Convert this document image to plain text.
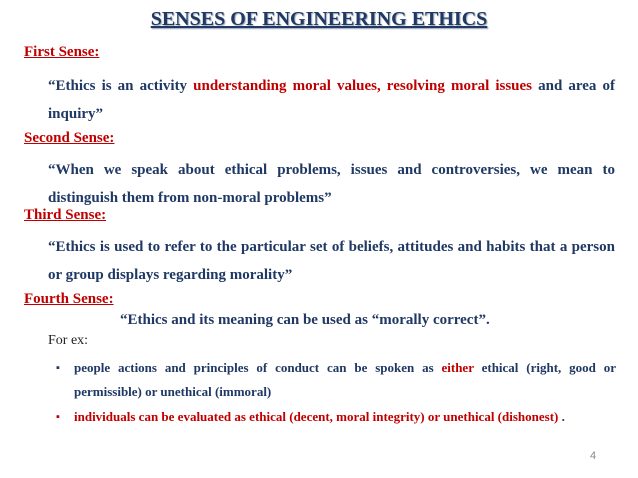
SENSES OF ENGINEERING ETHICS
First Sense:
“Ethics is an activity understanding moral values, resolving moral issues and area of inquiry”
Second Sense:
“When we speak about ethical problems, issues and controversies, we mean to distinguish them from non-moral problems”
Third Sense:
“Ethics is used to refer to the particular set of beliefs, attitudes and habits that a person or group displays regarding morality”
Fourth Sense:
“Ethics and its meaning can be used as “morally correct”.
For ex:
▪ people actions and principles of conduct can be spoken as either ethical (right, good or permissible) or unethical (immoral)
▪ individuals can be evaluated as ethical (decent, moral integrity) or unethical (dishonest) .
4
